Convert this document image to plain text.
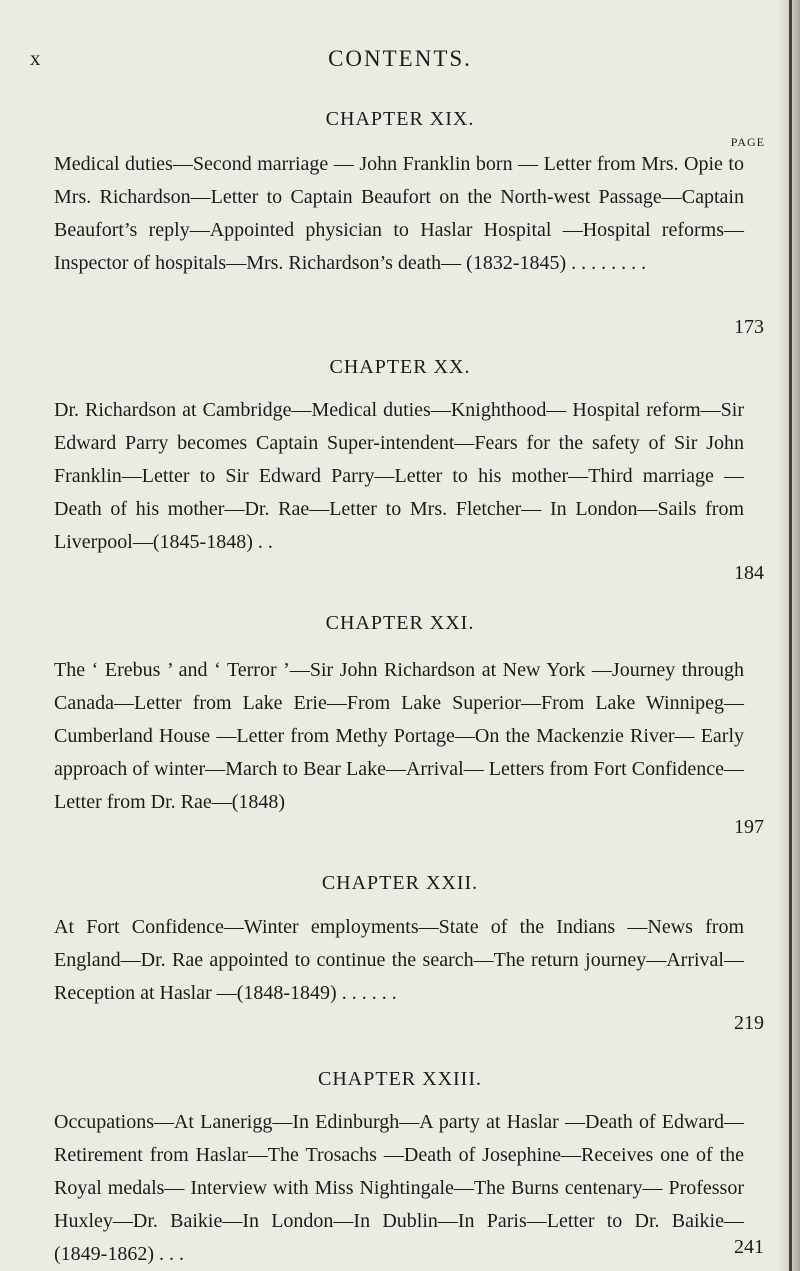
x	CONTENTS.
PAGE
CHAPTER XIX.
Medical duties—Second marriage — John Franklin born — Letter from Mrs. Opie to Mrs. Richardson—Letter to Captain Beaufort on the North-west Passage—Captain Beaufort’s reply—Appointed physician to Haslar Hospital —Hospital reforms—Inspector of hospitals—Mrs. Richardson’s death— (1832-1845) . . . . . . . .
173
CHAPTER XX.
Dr. Richardson at Cambridge—Medical duties—Knighthood— Hospital reform—Sir Edward Parry becomes Captain Super-intendent—Fears for the safety of Sir John Franklin—Letter to Sir Edward Parry—Letter to his mother—Third marriage —Death of his mother—Dr. Rae—Letter to Mrs. Fletcher— In London—Sails from Liverpool—(1845-1848) . .
184
CHAPTER XXI.
The ‘ Erebus ’ and ‘ Terror ’—Sir John Richardson at New York —Journey through Canada—Letter from Lake Erie—From Lake Superior—From Lake Winnipeg—Cumberland House —Letter from Methy Portage—On the Mackenzie River— Early approach of winter—March to Bear Lake—Arrival— Letters from Fort Confidence—Letter from Dr. Rae—(1848)
197
CHAPTER XXII.
At Fort Confidence—Winter employments—State of the Indians —News from England—Dr. Rae appointed to continue the search—The return journey—Arrival—Reception at Haslar —(1848-1849) . . . . . .
219
CHAPTER XXIII.
Occupations—At Lanerigg—In Edinburgh—A party at Haslar —Death of Edward—Retirement from Haslar—The Trosachs —Death of Josephine—Receives one of the Royal medals— Interview with Miss Nightingale—The Burns centenary— Professor Huxley—Dr. Baikie—In London—In Dublin—In Paris—Letter to Dr. Baikie—(1849-1862) . . .	241
